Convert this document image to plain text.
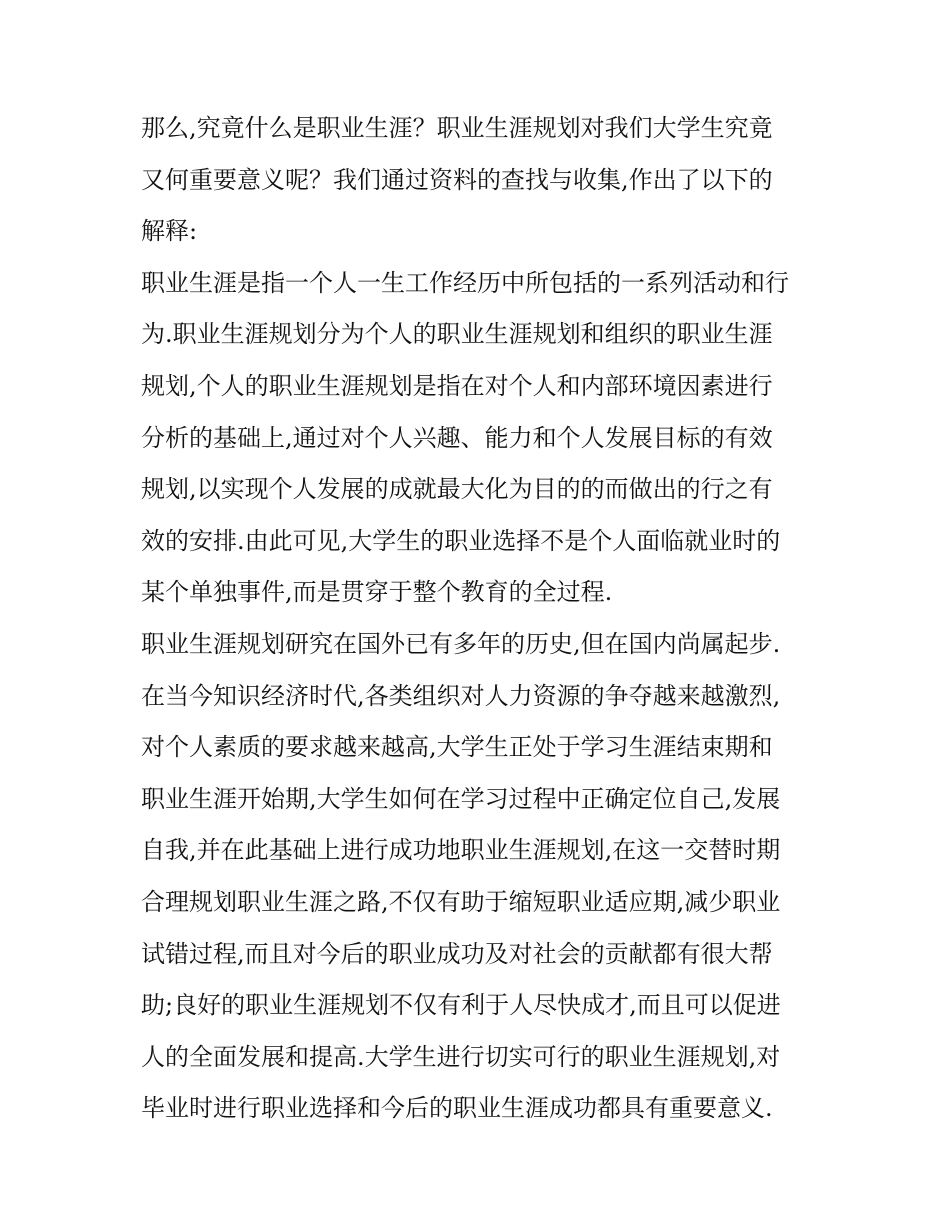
那么,究竟什么是职业生涯？职业生涯规划对我们大学生究竟
又何重要意义呢？我们通过资料的查找与收集,作出了以下的
解释:
职业生涯是指一个人一生工作经历中所包括的一系列活动和行
为.职业生涯规划分为个人的职业生涯规划和组织的职业生涯
规划,个人的职业生涯规划是指在对个人和内部环境因素进行
分析的基础上,通过对个人兴趣、能力和个人发展目标的有效
规划,以实现个人发展的成就最大化为目的的而做出的行之有
效的安排.由此可见,大学生的职业选择不是个人面临就业时的
某个单独事件,而是贯穿于整个教育的全过程.
职业生涯规划研究在国外已有多年的历史,但在国内尚属起步.
在当今知识经济时代,各类组织对人力资源的争夺越来越激烈,
对个人素质的要求越来越高,大学生正处于学习生涯结束期和
职业生涯开始期,大学生如何在学习过程中正确定位自己,发展
自我,并在此基础上进行成功地职业生涯规划,在这一交替时期
合理规划职业生涯之路,不仅有助于缩短职业适应期,减少职业
试错过程,而且对今后的职业成功及对社会的贡献都有很大帮
助;良好的职业生涯规划不仅有利于人尽快成才,而且可以促进
人的全面发展和提高.大学生进行切实可行的职业生涯规划,对
毕业时进行职业选择和今后的职业生涯成功都具有重要意义.
